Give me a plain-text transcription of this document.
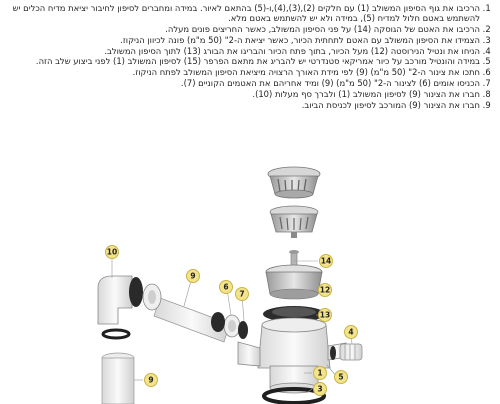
1. הרכיבו את גוף הסיפון המשולב (1) עם חלקים (2),(3),(4),ו-(5) בהתאם לאיור. במידה ומחברים לסיפון לחיבור יציאת מדיח הכלים יש להשתמש באטם חלול למדיח (5), במידה ולא יש להשתמש באטם מלא.
2. הרכיבו את האטם של הגוסקה (14) על פני הסיפון המשולב, כאשר החריצים פונים מעלה.
3. הצמידו את הסיפון המשולב עם האטם לתחתית הכיור, כאשר יציאת ה-2" (50 מ"מ) פונה לכיוון הניקוז.
4. הניחו את ונטיל הנירוסטה (12) מעל הכיור, בתוך פתח הכיור והבריגו את הבורג (13) לתוך הסיפון המשולב.
5. במידה והונטיל מורכב על כיור אמריקאי סטנדרטי יש להבריג את מתאם הפרפר (15) לסיפון המשולב (1) לפני ביצוע שלב הזה.
6. חתכו את צינור ה-2" (50 מ"מ) (9) לפי מידת האורך הרצויה מיציאת הסיפון המשולב לפתח הניקוז.
7. הכניסו אומים (6) לצינור ה-2" (50 מ"מ) (9) ומיד אחריהם את האטמים הקוניים (7).
8. חברו את הצינור (9) לסיפון המשולב (1) ולברך סף מעלות (10).
9. חברו את הצינור (9) המורכב לסיפון לכניסת הביוב.
10
9
6
7
14
12
13
4
1 5
3
9
